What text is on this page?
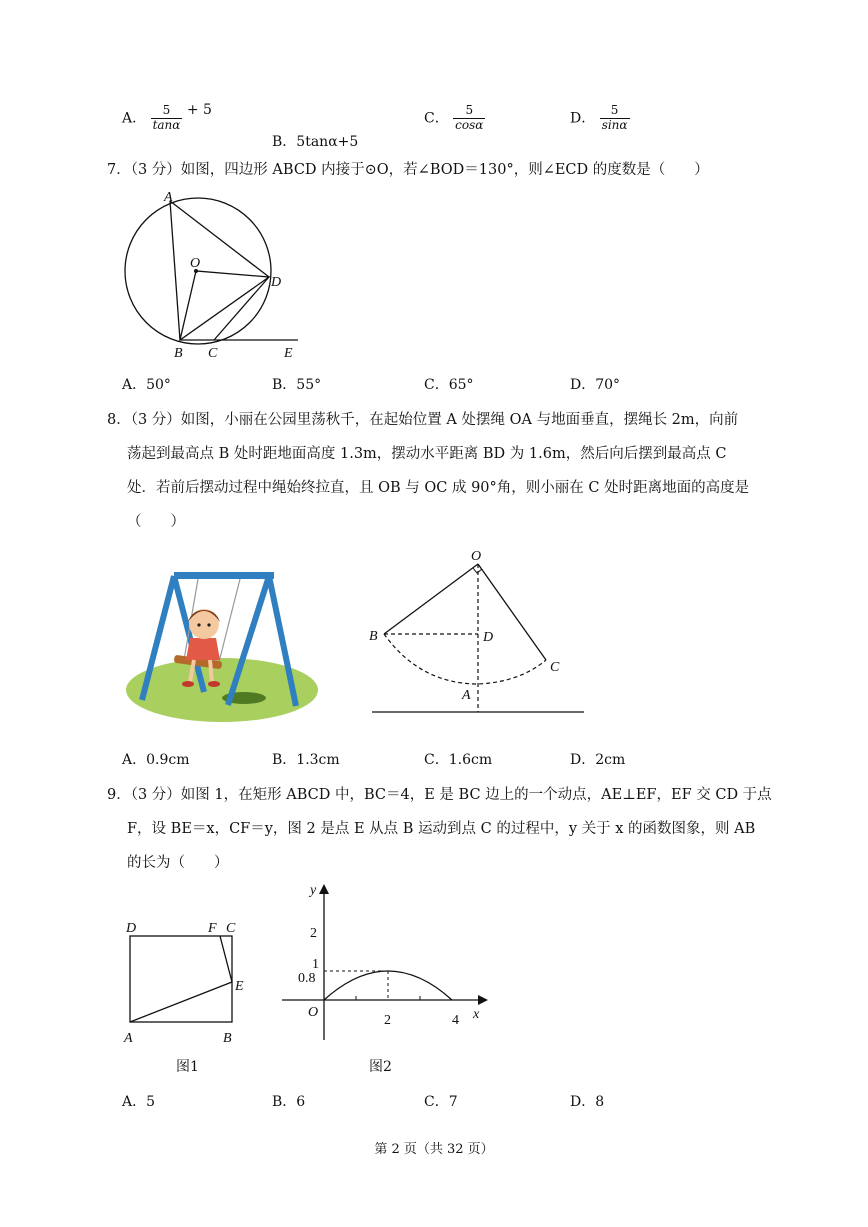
A． $\frac{5}{\tan\alpha} + 5$
B．5tanα+5
C． $\frac{5}{\cos\alpha}$	D． $\frac{5}{\sin\alpha}$
7．（3 分）如图，四边形 ABCD 内接于⊙O，若∠BOD＝130°，则∠ECD 的度数是（　　）
A
O
D
B C	E
A．50°	B．55°	C．65°	D．70°
8．（3 分）如图，小丽在公园里荡秋千，在起始位置 A 处摆绳 OA 与地面垂直，摆绳长 2m，向前
荡起到最高点 B 处时距地面高度 1.3m，摆动水平距离 BD 为 1.6m，然后向后摆到最高点 C
处．若前后摆动过程中绳始终拉直，且 OB 与 OC 成 90°角，则小丽在 C 处时距离地面的高度是
（　　）
O
B	D
C
A
A．0.9cm	B．1.3cm	C．1.6cm	D．2cm
9．（3 分）如图 1，在矩形 ABCD 中，BC＝4，E 是 BC 边上的一个动点，AE⊥EF，EF 交 CD 于点
F，设 BE＝x，CF＝y，图 2 是点 E 从点 B 运动到点 C 的过程中，y 关于 x 的函数图象，则 AB
的长为（　　）
D	F C
E
A	B
图1
y
x
O
2
1
0.8
2	4
图2
A．5	B．6	C．7	D．8
第 2 页（共 32 页）
